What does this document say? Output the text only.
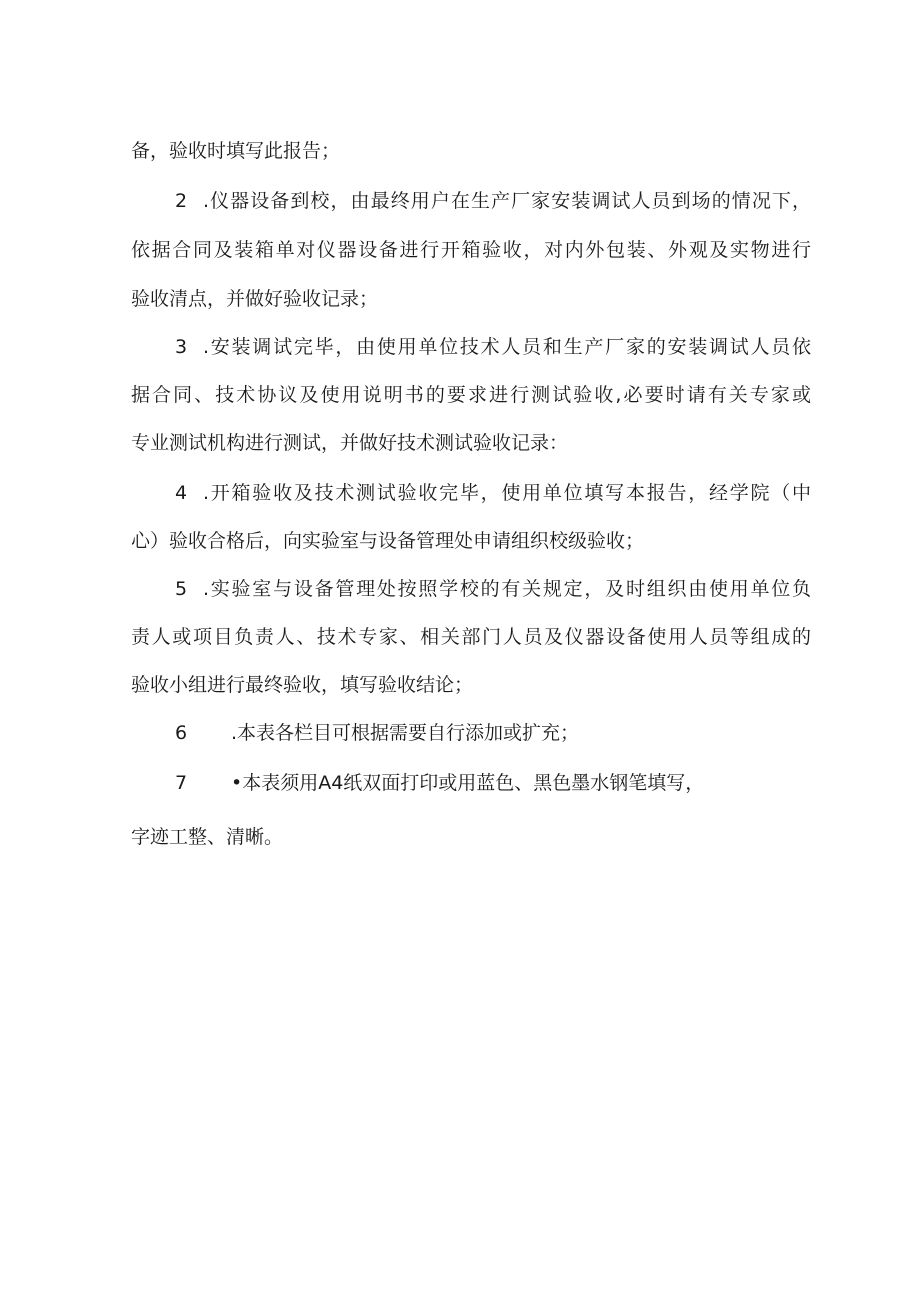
备，验收时填写此报告；
2 .仪器设备到校，由最终用户在生产厂家安装调试人员到场的情况下，
依据合同及装箱单对仪器设备进行开箱验收，对内外包装、外观及实物进行
验收清点，并做好验收记录；
3 .安装调试完毕，由使用单位技术人员和生产厂家的安装调试人员依
据合同、技术协议及使用说明书的要求进行测试验收,必要时请有关专家或
专业测试机构进行测试，并做好技术测试验收记录：
4 .开箱验收及技术测试验收完毕，使用单位填写本报告，经学院（中
心）验收合格后，向实验室与设备管理处申请组织校级验收；
5 .实验室与设备管理处按照学校的有关规定，及时组织由使用单位负
责人或项目负责人、技术专家、相关部门人员及仪器设备使用人员等组成的
验收小组进行最终验收，填写验收结论；
6 .本表各栏目可根据需要自行添加或扩充；
7 •本表须用A4纸双面打印或用蓝色、黑色墨水钢笔填写，
字迹工整、清晰。
